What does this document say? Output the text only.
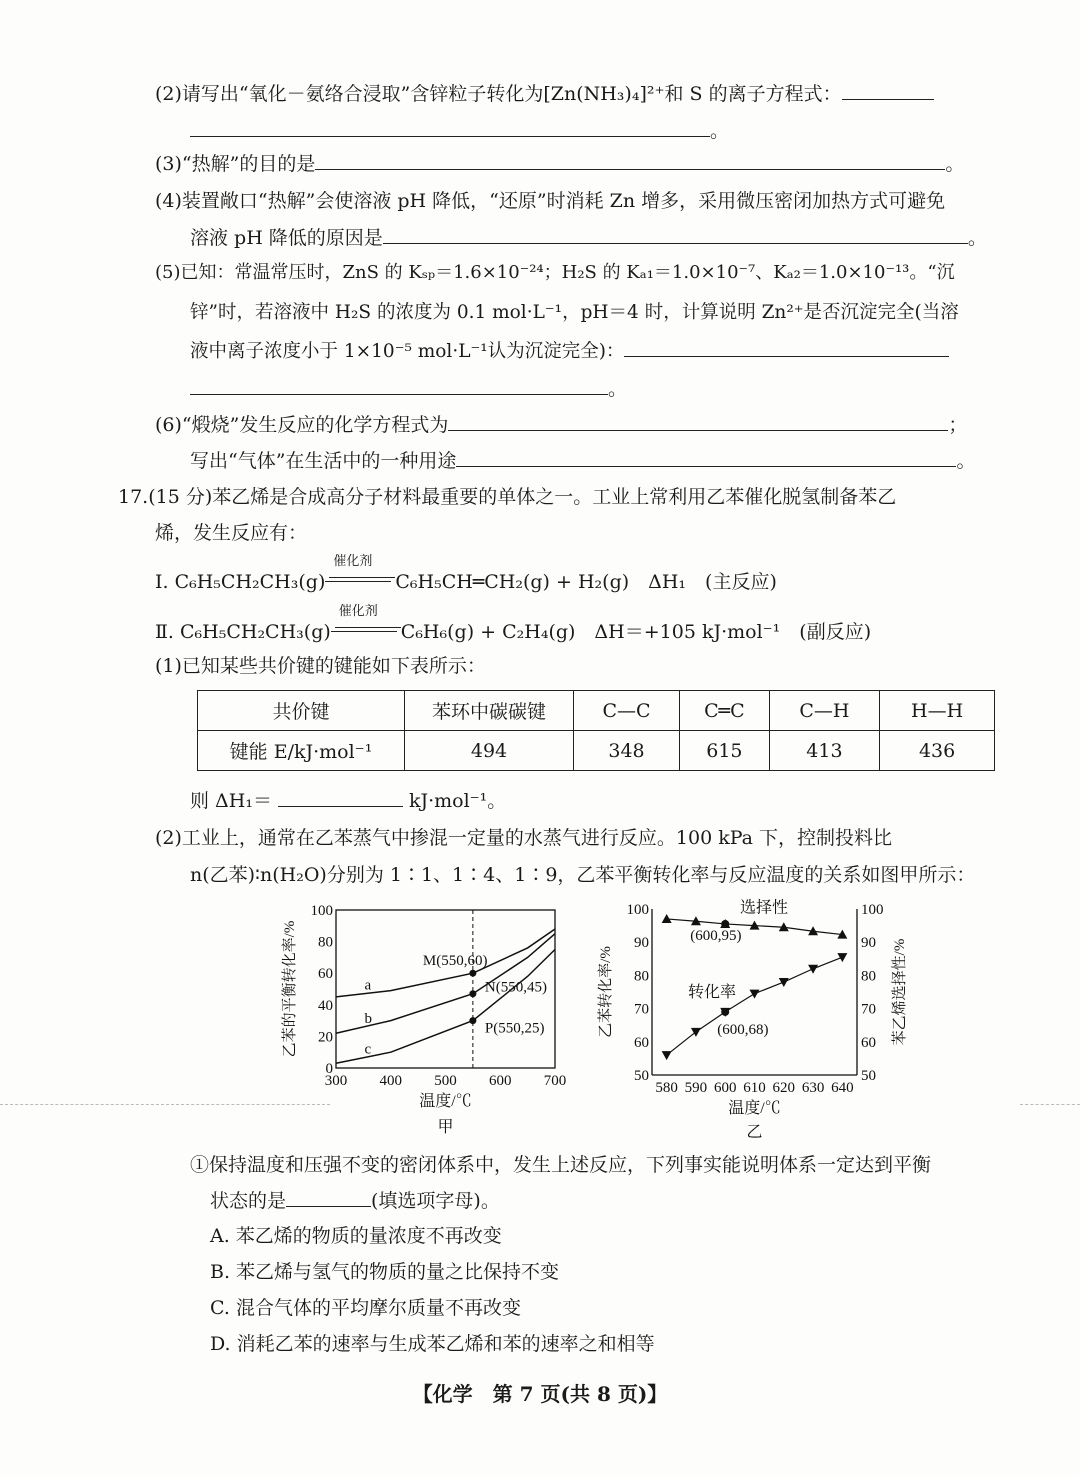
(2)请写出“氧化－氨络合浸取”含锌粒子转化为[Zn(NH₃)₄]²⁺和 S 的离子方程式：
。
(3)“热解”的目的是	。
(4)装置敞口“热解”会使溶液 pH 降低，“还原”时消耗 Zn 增多，采用微压密闭加热方式可避免
溶液 pH 降低的原因是	。
(5)已知：常温常压时，ZnS 的 Kₛₚ＝1.6×10⁻²⁴；H₂S 的 Kₐ₁＝1.0×10⁻⁷、Kₐ₂＝1.0×10⁻¹³。“沉
锌”时，若溶液中 H₂S 的浓度为 0.1 mol·L⁻¹，pH＝4 时，计算说明 Zn²⁺是否沉淀完全(当溶
液中离子浓度小于 1×10⁻⁵ mol·L⁻¹认为沉淀完全)：
。
(6)“煅烧”发生反应的化学方程式为	；
写出“气体”在生活中的一种用途	。
17.(15 分)苯乙烯是合成高分子材料最重要的单体之一。工业上常利用乙苯催化脱氢制备苯乙
烯，发生反应有：
Ⅰ. C₆H₅CH₂CH₃(g)
催化剂
C₆H₅CH═CH₂(g) + H₂(g)　ΔH₁　(主反应)
Ⅱ. C₆H₅CH₂CH₃(g)
催化剂
C₆H₆(g) + C₂H₄(g)　ΔH＝+105 kJ·mol⁻¹　(副反应)
(1)已知某些共价键的键能如下表所示：
共价键	苯环中碳碳键	C—C	C═C	C—H	H—H
键能 E/kJ·mol⁻¹	494	348	615	413	436
则 ΔH₁＝	kJ·mol⁻¹。
(2)工业上，通常在乙苯蒸气中掺混一定量的水蒸气进行反应。100 kPa 下，控制投料比
n(乙苯)∶n(H₂O)分别为 1∶1、1∶4、1∶9，乙苯平衡转化率与反应温度的关系如图甲所示：
300 400 500 600 700
0
20
40
60
80
100
a
b
c
M(550,60)
N(550,45)
P(550,25)
乙苯的平衡转化率/%
温度/℃
甲
580 590 600 610 620 630 640
50	50
60	60
70	70
80	80
90	90
100	100
选择性
转化率
(600,95)
(600,68)
乙苯转化率/%	苯乙烯选择性/%
温度/℃
乙
①保持温度和压强不变的密闭体系中，发生上述反应，下列事实能说明体系一定达到平衡
状态的是	(填选项字母)。
A. 苯乙烯的物质的量浓度不再改变
B. 苯乙烯与氢气的物质的量之比保持不变
C. 混合气体的平均摩尔质量不再改变
D. 消耗乙苯的速率与生成苯乙烯和苯的速率之和相等
【化学　第 7 页(共 8 页)】
